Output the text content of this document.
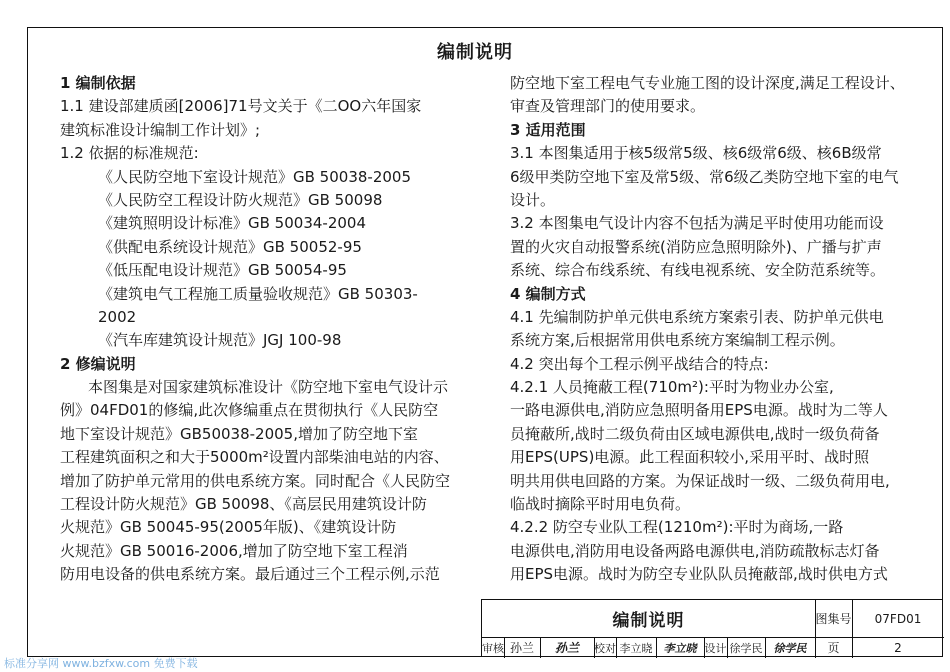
编制说明
1 编制依据
1.1 建设部建质函[2006]71号文关于《二OO六年国家
建筑标准设计编制工作计划》;
1.2 依据的标准规范:
《人民防空地下室设计规范》GB 50038-2005
《人民防空工程设计防火规范》GB 50098
《建筑照明设计标准》GB 50034-2004
《供配电系统设计规范》GB 50052-95
《低压配电设计规范》GB 50054-95
《建筑电气工程施工质量验收规范》GB 50303-
2002
《汽车库建筑设计规范》JGJ 100-98
2 修编说明
本图集是对国家建筑标准设计《防空地下室电气设计示
例》04FD01的修编,此次修编重点在贯彻执行《人民防空
地下室设计规范》GB50038-2005,增加了防空地下室
工程建筑面积之和大于5000m²设置内部柴油电站的内容、
增加了防护单元常用的供电系统方案。同时配合《人民防空
工程设计防火规范》GB 50098、《高层民用建筑设计防
火规范》GB 50045-95(2005年版)、《建筑设计防
火规范》GB 50016-2006,增加了防空地下室工程消
防用电设备的供电系统方案。最后通过三个工程示例,示范
防空地下室工程电气专业施工图的设计深度,满足工程设计、
审查及管理部门的使用要求。
3 适用范围
3.1 本图集适用于核5级常5级、核6级常6级、核6B级常
6级甲类防空地下室及常5级、常6级乙类防空地下室的电气
设计。
3.2 本图集电气设计内容不包括为满足平时使用功能而设
置的火灾自动报警系统(消防应急照明除外)、广播与扩声
系统、综合布线系统、有线电视系统、安全防范系统等。
4 编制方式
4.1 先编制防护单元供电系统方案索引表、防护单元供电
系统方案,后根据常用供电系统方案编制工程示例。
4.2 突出每个工程示例平战结合的特点:
4.2.1 人员掩蔽工程(710m²):平时为物业办公室,
一路电源供电,消防应急照明备用EPS电源。战时为二等人
员掩蔽所,战时二级负荷由区域电源供电,战时一级负荷备
用EPS(UPS)电源。此工程面积较小,采用平时、战时照
明共用供电回路的方案。为保证战时一级、二级负荷用电,
临战时摘除平时用电负荷。
4.2.2 防空专业队工程(1210m²):平时为商场,一路
电源供电,消防用电设备两路电源供电,消防疏散标志灯备
用EPS电源。战时为防空专业队队员掩蔽部,战时供电方式
编制说明	图集号	07FD01
审核 孙兰	孙兰	校对 李立晓	李立晓 设计 徐学民	徐学民	页	2
标准分享网 www.bzfxw.com 免费下载
